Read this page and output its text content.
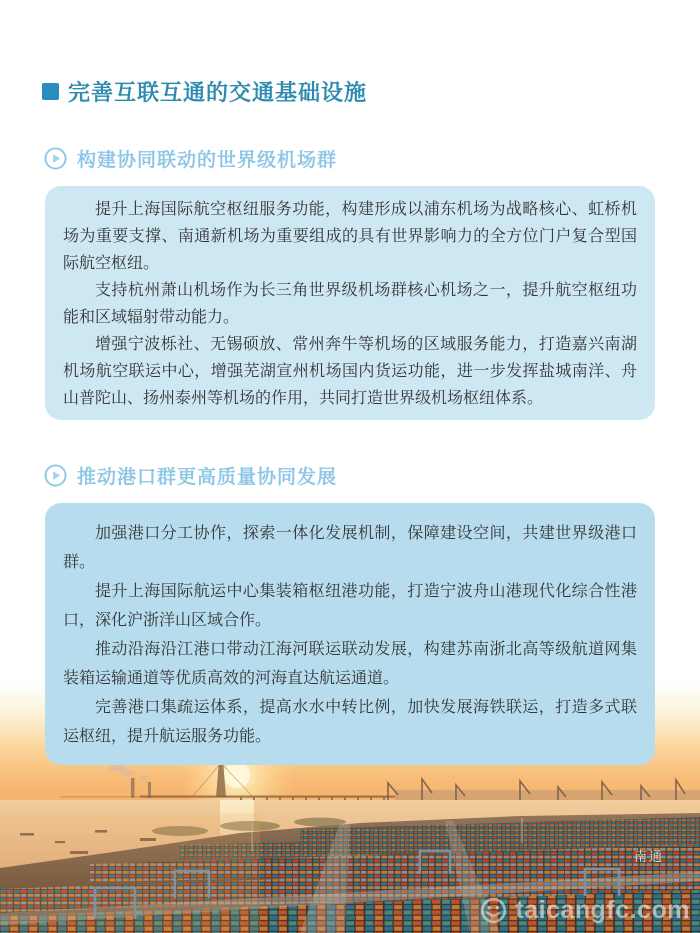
南通
taicangfc.com
完善互联互通的交通基础设施
构建协同联动的世界级机场群

提升上海国际航空枢纽服务功能，构建形成以浦东机场为战略核心、虹桥机场为重要支撑、南通新机场为重要组成的具有世界影响力的全方位门户复合型国际航空枢纽。

支持杭州萧山机场作为长三角世界级机场群核心机场之一，提升航空枢纽功能和区域辐射带动能力。

增强宁波栎社、无锡硕放、常州奔牛等机场的区域服务能力，打造嘉兴南湖机场航空联运中心，增强芜湖宣州机场国内货运功能，进一步发挥盐城南洋、舟山普陀山、扬州泰州等机场的作用，共同打造世界级机场枢纽体系。

推动港口群更高质量协同发展

加强港口分工协作，探索一体化发展机制，保障建设空间，共建世界级港口群。

提升上海国际航运中心集装箱枢纽港功能，打造宁波舟山港现代化综合性港口，深化沪浙洋山区域合作。

推动沿海沿江港口带动江海河联运联动发展，构建苏南浙北高等级航道网集装箱运输通道等优质高效的河海直达航运通道。

完善港口集疏运体系，提高水水中转比例，加快发展海铁联运，打造多式联运枢纽，提升航运服务功能。
